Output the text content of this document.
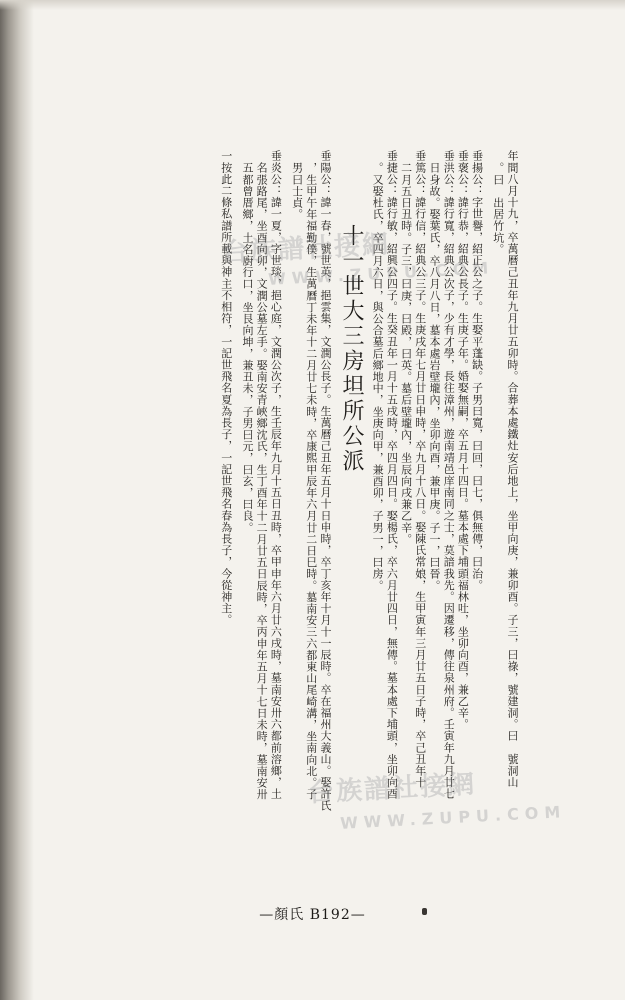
年間八月十九，卒萬曆己丑年九月廿五卯時。合葬本處鐵灶安后地上，坐甲向庚，兼卯酉。子三，曰祿，號建洞。曰　號洞山
。曰　出居竹坑。
垂揚公：字世譽，紹正公之子。生娶平蓬缺。子男曰寬，曰回，曰七，俱無傳，曰治。
垂褒公：諱行恭，紹典公長子。生庚子年。婚娶無嗣，卒五月十四日。墓本處下埔頭福林吐，坐卯向酉，兼乙辛。
垂洪公：諱行寬，紹典公次子，少有才學，長往漳州，遊南靖邑庠南同之士，莫諳我先。因遷移，傳往泉州府。壬寅年九月廿七
日身故。娶葉氏，卒八月八日，墓本處岩壁壠內，坐卯向酉，兼甲庚。子一，曰晉。
垂篤公：諱行信，紹典公三子。生庚戌年七月廿日申時，卒九月十八日。娶陳氏常娘，生甲寅年三月廿五日子時，卒己丑年十
二月五日丑時。子三，曰庚，曰殿，曰英。墓后壁壠內，坐辰向戌兼乙辛。
垂捷公：諱行敏，紹興公四子。生癸丑年一月十五戌時，卒四月四日。娶楊氏，卒六月廿四日，無傳。墓本處下埔頭，坐卯向酉
。又娶杜氏，卒四月六日，與公合墓后鄉地中，坐庚向甲，兼酉卯，子男一，曰房。
十一世大三房坦所公派
垂陽公：諱一春，號世英，挹雲集，文潤公長子。生萬曆己丑年五月十日申時，卒丁亥年十月十一辰時。卒在福州大義山。娶許氏
，生甲午年福勤僕，生萬曆丁未年十二月廿七未時，卒康熙甲辰年六月廿二日巳時。墓南安三六都東山尾崎溝，坐南向北。子
男曰士貞。
垂炎公：諱一夏，字世琰，挹心庭，文潤公次子，生壬辰年九月十五日丑時，卒甲申年六月廿六戌時，墓南安卅六都前溶鄉，土
名張路尾，坐酉向卯，文潤公墓左手。娶南安青峽鄉沈氏，生丁酉年十二月廿五日辰時，卒丙申年五月十七日未時，墓南安卅
五都曾厝鄉，土名廚行口，坐艮向坤，兼丑未，子男曰元，曰玄，曰良。
一按此二條私譜所載與神主不相符，一記世飛名夏為長子，一記世飛名春為長子，今從神主。
台族譜社接網
WWW.ZUPU.COM
台族譜社接網
WWW.ZUPU.COM
—顏氏 B192—
